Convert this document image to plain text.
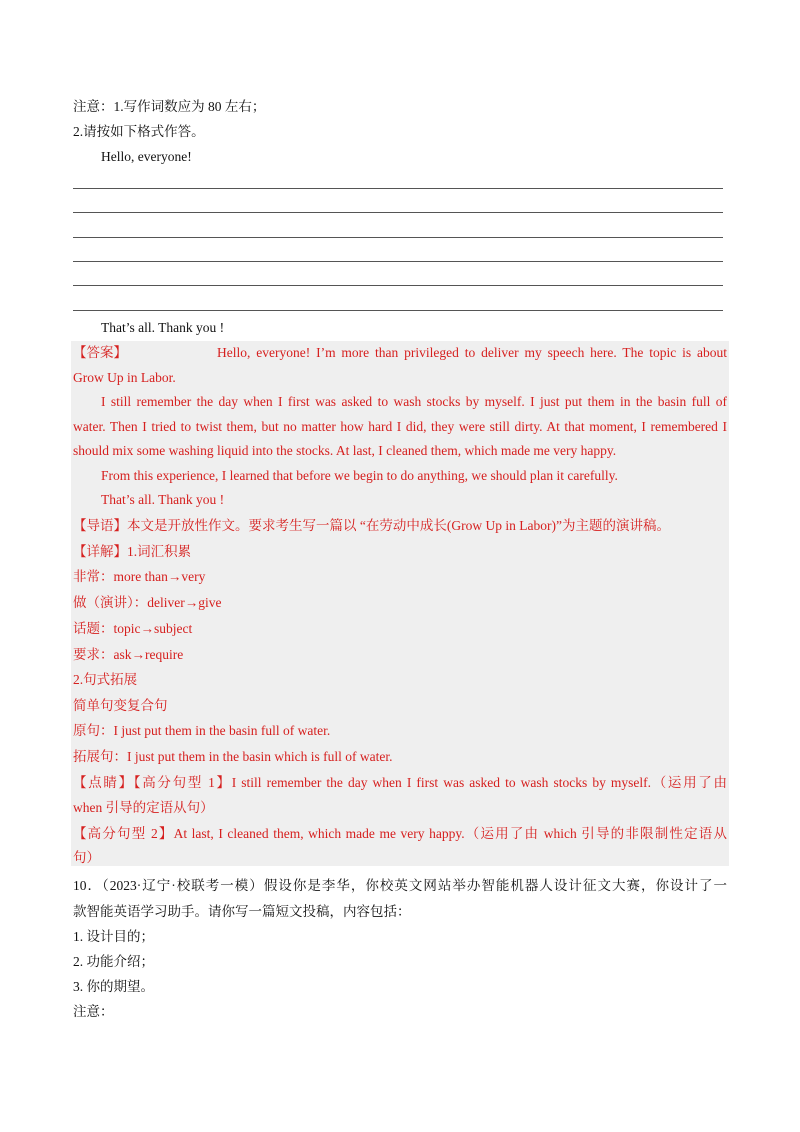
注意：1.写作词数应为 80 左右；
2.请按如下格式作答。
Hello, everyone!
That’s all. Thank you !
【答案】	Hello, everyone! I’m more than privileged to deliver my speech here. The topic is about
Grow Up in Labor.
I still remember the day when I first was asked to wash stocks by myself. I just put them in the basin full of
water. Then I tried to twist them, but no matter how hard I did, they were still dirty. At that moment, I remembered I
should mix some washing liquid into the stocks. At last, I cleaned them, which made me very happy.
From this experience, I learned that before we begin to do anything, we should plan it carefully.
That’s all. Thank you !
【导语】本文是开放性作文。要求考生写一篇以 “在劳动中成长(Grow Up in Labor)”为主题的演讲稿。
【详解】1.词汇积累
非常：more than→very
做（演讲）：deliver→give
话题：topic→subject
要求：ask→require
2.句式拓展
简单句变复合句
原句：I just put them in the basin full of water.
拓展句：I just put them in the basin which is full of water.
【点睛】【高分句型 1】I still remember the day when I first was asked to wash stocks by myself.（运用了由
when 引导的定语从句）
【高分句型 2】At last, I cleaned them, which made me very happy.（运用了由 which 引导的非限制性定语从
句）
10．（2023·辽宁·校联考一模）假设你是李华，你校英文网站举办智能机器人设计征文大赛，你设计了一
款智能英语学习助手。请你写一篇短文投稿，内容包括：
1. 设计目的；
2. 功能介绍；
3. 你的期望。
注意：
